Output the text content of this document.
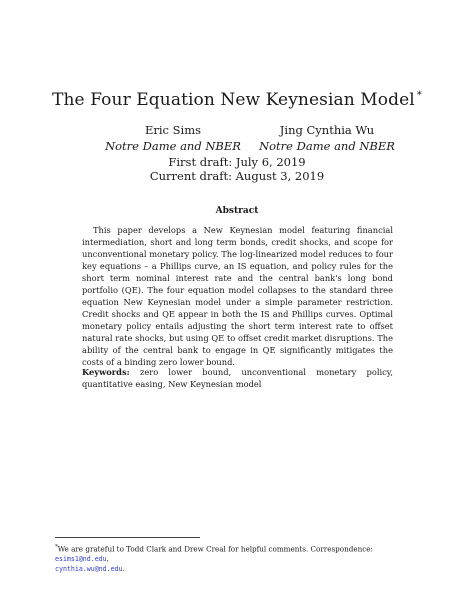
The Four Equation New Keynesian Model *
Eric Sims
Notre Dame and NBER
Jing Cynthia Wu
Notre Dame and NBER
First draft: July 6, 2019
Current draft: August 3, 2019
Abstract

This paper develops a New Keynesian model featuring financial intermediation, short and long term bonds, credit shocks, and scope for unconventional monetary policy. The log-linearized model reduces to four key equations – a Phillips curve, an IS equation, and policy rules for the short term nominal interest rate and the central bank's long bond portfolio (QE). The four equation model collapses to the standard three equation New Keynesian model under a simple parameter restriction. Credit shocks and QE appear in both the IS and Phillips curves. Optimal monetary policy entails adjusting the short term interest rate to offset natural rate shocks, but using QE to offset credit market disruptions. The ability of the central bank to engage in QE significantly mitigates the costs of a binding zero lower bound.

Keywords: zero lower bound, unconventional monetary policy, quantitative easing, New Keynesian model

*We are grateful to Todd Clark and Drew Creal for helpful comments. Correspondence: esims1@nd.edu,
cynthia.wu@nd.edu.
